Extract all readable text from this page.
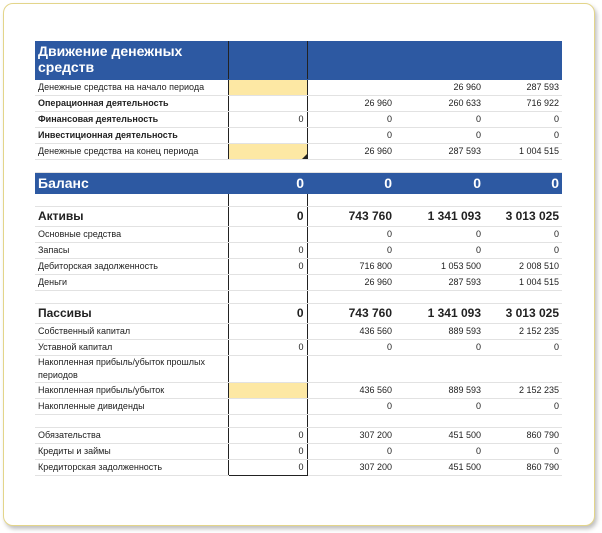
Движение денежных средств				
Денежные средства на начало периода			26 960	287 593
Операционная деятельность		26 960	260 633	716 922
Финансовая деятельность	0	0	0	0
Инвестиционная деятельность		0	0	0
Денежные средства на конец периода		26 960	287 593	1 004 515

Баланс	0	0	0	0

Активы	0	743 760	1 341 093	3 013 025
Основные средства		0	0	0
Запасы	0	0	0	0
Дебиторская задолженность	0	716 800	1 053 500	2 008 510
Деньги		26 960	287 593	1 004 515

Пассивы	0	743 760	1 341 093	3 013 025
Собственный капитал		436 560	889 593	2 152 235
Уставной капитал	0	0	0	0
Накопленная прибыль/убыток прошлых периодов				
Накопленная прибыль/убыток		436 560	889 593	2 152 235
Накопленные дивиденды		0	0	0

Обязательства	0	307 200	451 500	860 790
Кредиты и займы	0	0	0	0
Кредиторская задолженность	0	307 200	451 500	860 790
